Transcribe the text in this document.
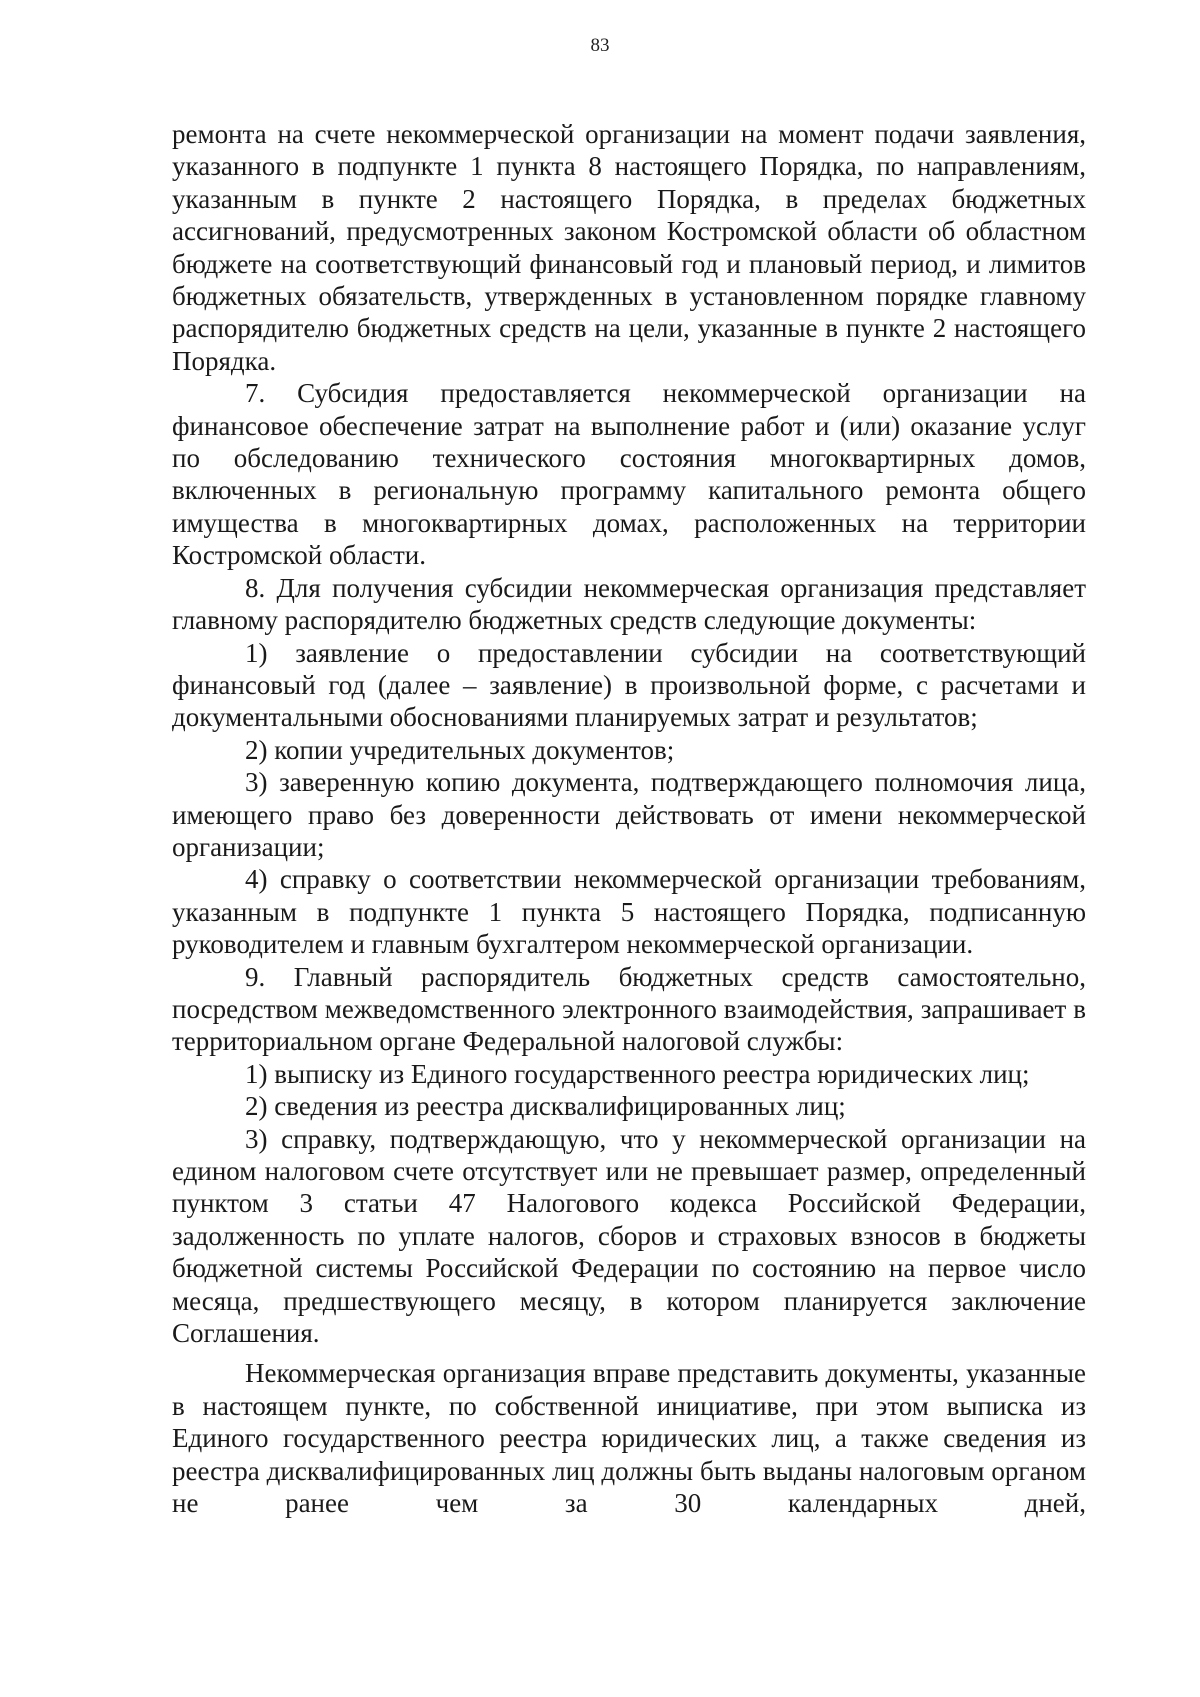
83

ремонта на счете некоммерческой организации на момент подачи заявления, указанного в подпункте 1 пункта 8 настоящего Порядка, по направлениям, указанным в пункте 2 настоящего Порядка, в пределах бюджетных ассигнований, предусмотренных законом Костромской области об областном бюджете на соответствующий финансовый год и плановый период, и лимитов бюджетных обязательств, утвержденных в установленном порядке главному распорядителю бюджетных средств на цели, указанные в пункте 2 настоящего Порядка.

7. Субсидия предоставляется некоммерческой организации на финансовое обеспечение затрат на выполнение работ и (или) оказание услуг по обследованию технического состояния многоквартирных домов, включенных в региональную программу капитального ремонта общего имущества в многоквартирных домах, расположенных на территории Костромской области.

8. Для получения субсидии некоммерческая организация представляет главному распорядителю бюджетных средств следующие документы:

1) заявление о предоставлении субсидии на соответствующий финансовый год (далее – заявление) в произвольной форме, с расчетами и документальными обоснованиями планируемых затрат и результатов;

2) копии учредительных документов;

3) заверенную копию документа, подтверждающего полномочия лица, имеющего право без доверенности действовать от имени некоммерческой организации;

4) справку о соответствии некоммерческой организации требованиям, указанным в подпункте 1 пункта 5 настоящего Порядка, подписанную руководителем и главным бухгалтером некоммерческой организации.

9. Главный распорядитель бюджетных средств самостоятельно, посредством межведомственного электронного взаимодействия, запрашивает в территориальном органе Федеральной налоговой службы:

1) выписку из Единого государственного реестра юридических лиц;

2) сведения из реестра дисквалифицированных лиц;

3) справку, подтверждающую, что у некоммерческой организации на едином налоговом счете отсутствует или не превышает размер, определенный пунктом 3 статьи 47 Налогового кодекса Российской Федерации, задолженность по уплате налогов, сборов и страховых взносов в бюджеты бюджетной системы Российской Федерации по состоянию на первое число месяца, предшествующего месяцу, в котором планируется заключение Соглашения.

Некоммерческая организация вправе представить документы, указанные в настоящем пункте, по собственной инициативе, при этом выписка из Единого государственного реестра юридических лиц, а также сведения из реестра дисквалифицированных лиц должны быть выданы налоговым органом не ранее чем за 30 календарных дней,
